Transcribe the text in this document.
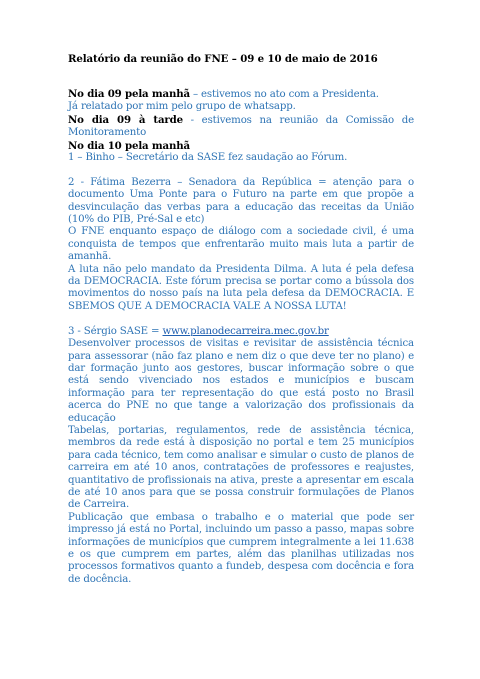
Relatório da reunião do FNE – 09 e 10 de maio de 2016

No dia 09 pela manhã – estivemos no ato com a Presidenta.

Já relatado por mim pelo grupo de whatsapp.

No dia 09 à tarde - estivemos na reunião da Comissão de Monitoramento

No dia 10 pela manhã

1 – Binho – Secretário da SASE fez saudação ao Fórum.

2 - Fátima Bezerra – Senadora da República = atenção para o documento Uma Ponte para o Futuro na parte em que propõe a desvinculação das verbas para a educação das receitas da União (10% do PIB, Pré-Sal e etc)

O FNE enquanto espaço de diálogo com a sociedade civil, é uma conquista de tempos que enfrentarão muito mais luta a partir de amanhã.

A luta não pelo mandato da Presidenta Dilma. A luta é pela defesa da DEMOCRACIA. Este fórum precisa se portar como a bússola dos movimentos do nosso país na luta pela defesa da DEMOCRACIA. E SBEMOS QUE A DEMOCRACIA VALE A NOSSA LUTA!

3 - Sérgio SASE = www.planodecarreira.mec.gov.br

Desenvolver processos de visitas e revisitar de assistência técnica para assessorar (não faz plano e nem diz o que deve ter no plano) e dar formação junto aos gestores, buscar informação sobre o que está sendo vivenciado nos estados e municípios e buscam informação para ter representação do que está posto no Brasil acerca do PNE no que tange a valorização dos profissionais da educação

Tabelas, portarias, regulamentos, rede de assistência técnica, membros da rede está à disposição no portal e tem 25 municípios para cada técnico, tem como analisar e simular o custo de planos de carreira em até 10 anos, contratações de professores e reajustes, quantitativo de profissionais na ativa, preste a apresentar em escala de até 10 anos para que se possa construir formulações de Planos de Carreira.

Publicação que embasa o trabalho e o material que pode ser impresso já está no Portal, incluindo um passo a passo, mapas sobre informações de municípios que cumprem integralmente a lei 11.638 e os que cumprem em partes, além das planilhas utilizadas nos processos formativos quanto a fundeb, despesa com docência e fora de docência.
